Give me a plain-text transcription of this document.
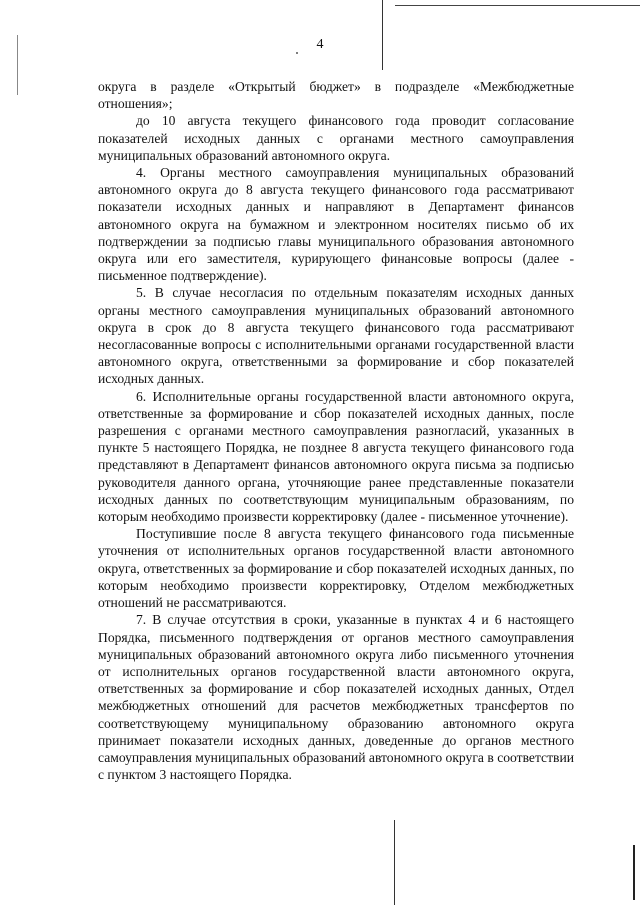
4

округа в разделе «Открытый бюджет» в подразделе «Межбюджетные отношения»;

до 10 августа текущего финансового года проводит согласование показателей исходных данных с органами местного самоуправления муниципальных образований автономного округа.

4. Органы местного самоуправления муниципальных образований автономного округа до 8 августа текущего финансового года рассматривают показатели исходных данных и направляют в Департамент финансов автономного округа на бумажном и электронном носителях письмо об их подтверждении за подписью главы муниципального образования автономного округа или его заместителя, курирующего финансовые вопросы (далее - письменное подтверждение).

5. В случае несогласия по отдельным показателям исходных данных органы местного самоуправления муниципальных образований автономного округа в срок до 8 августа текущего финансового года рассматривают несогласованные вопросы с исполнительными органами государственной власти автономного округа, ответственными за формирование и сбор показателей исходных данных.

6. Исполнительные органы государственной власти автономного округа, ответственные за формирование и сбор показателей исходных данных, после разрешения с органами местного самоуправления разногласий, указанных в пункте 5 настоящего Порядка, не позднее 8 августа текущего финансового года представляют в Департамент финансов автономного округа письма за подписью руководителя данного органа, уточняющие ранее представленные показатели исходных данных по соответствующим муниципальным образованиям, по которым необходимо произвести корректировку (далее - письменное уточнение).

Поступившие после 8 августа текущего финансового года письменные уточнения от исполнительных органов государственной власти автономного округа, ответственных за формирование и сбор показателей исходных данных, по которым необходимо произвести корректировку, Отделом межбюджетных отношений не рассматриваются.

7. В случае отсутствия в сроки, указанные в пунктах 4 и 6 настоящего Порядка, письменного подтверждения от органов местного самоуправления муниципальных образований автономного округа либо письменного уточнения от исполнительных органов государственной власти автономного округа, ответственных за формирование и сбор показателей исходных данных, Отдел межбюджетных отношений для расчетов межбюджетных трансфертов по соответствующему муниципальному образованию автономного округа принимает показатели исходных данных, доведенные до органов местного самоуправления муниципальных образований автономного округа в соответствии с пунктом 3 настоящего Порядка.
